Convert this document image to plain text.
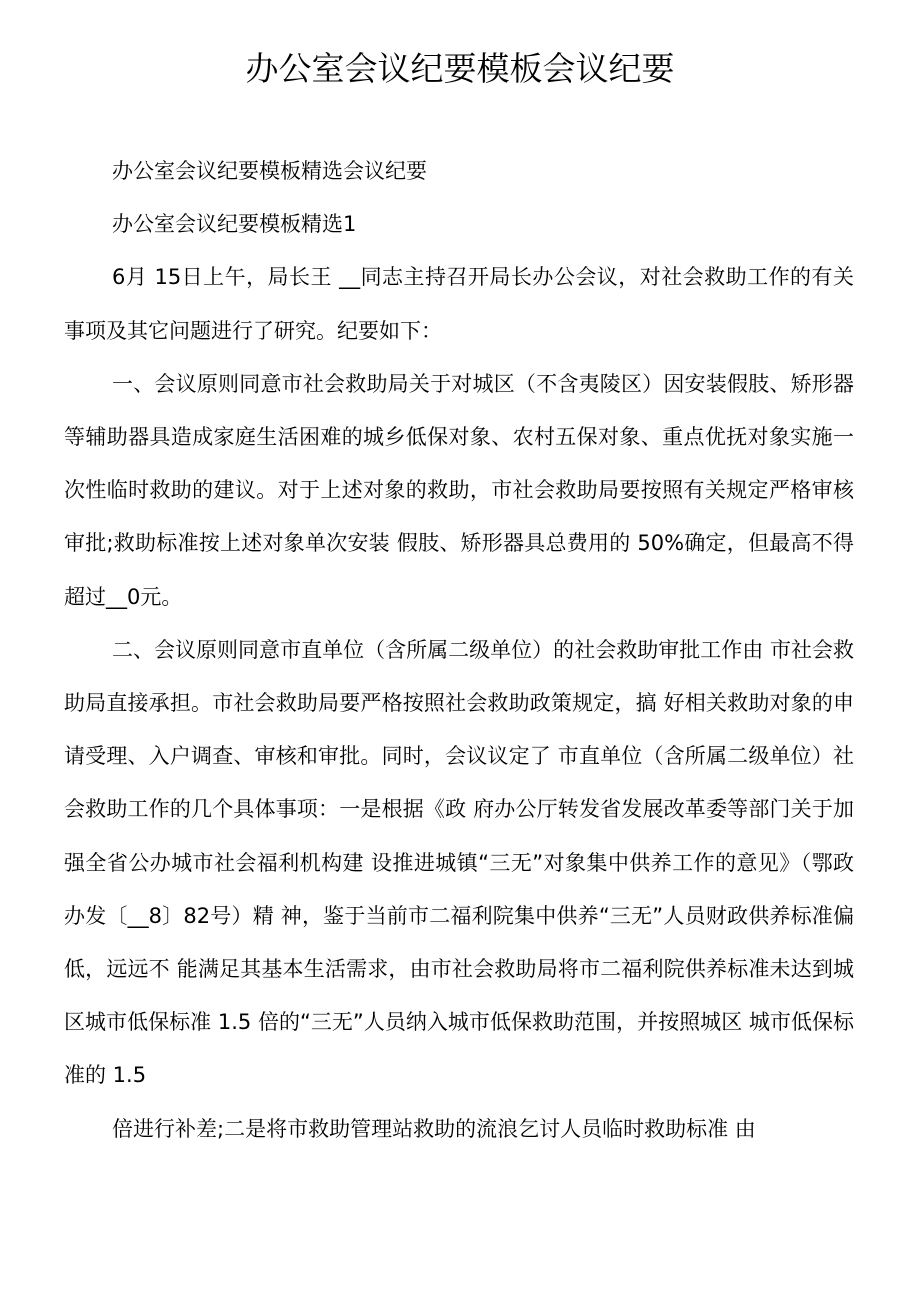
办公室会议纪要模板会议纪要

办公室会议纪要模板精选会议纪要

办公室会议纪要模板精选1

6月 15日上午，局长王 __同志主持召开局长办公会议，对社会救助工作的有关事项及其它问题进行了研究。纪要如下：

一、会议原则同意市社会救助局关于对城区（不含夷陵区）因安装假肢、矫形器等辅助器具造成家庭生活困难的城乡低保对象、农村五保对象、重点优抚对象实施一次性临时救助的建议。对于上述对象的救助，市社会救助局要按照有关规定严格审核审批;救助标准按上述对象单次安装 假肢、矫形器具总费用的 50%确定，但最高不得超过__0元。

二、会议原则同意市直单位（含所属二级单位）的社会救助审批工作由 市社会救助局直接承担。市社会救助局要严格按照社会救助政策规定，搞 好相关救助对象的申请受理、入户调查、审核和审批。同时，会议议定了 市直单位（含所属二级单位）社会救助工作的几个具体事项：一是根据《政 府办公厅转发省发展改革委等部门关于加强全省公办城市社会福利机构建 设推进城镇“三无”对象集中供养工作的意见》（鄂政办发〔__8〕82号）精 神，鉴于当前市二福利院集中供养“三无”人员财政供养标准偏低，远远不 能满足其基本生活需求，由市社会救助局将市二福利院供养标准未达到城 区城市低保标准 1.5 倍的“三无”人员纳入城市低保救助范围，并按照城区 城市低保标准的 1.5

倍进行补差;二是将市救助管理站救助的流浪乞讨人员临时救助标准 由
